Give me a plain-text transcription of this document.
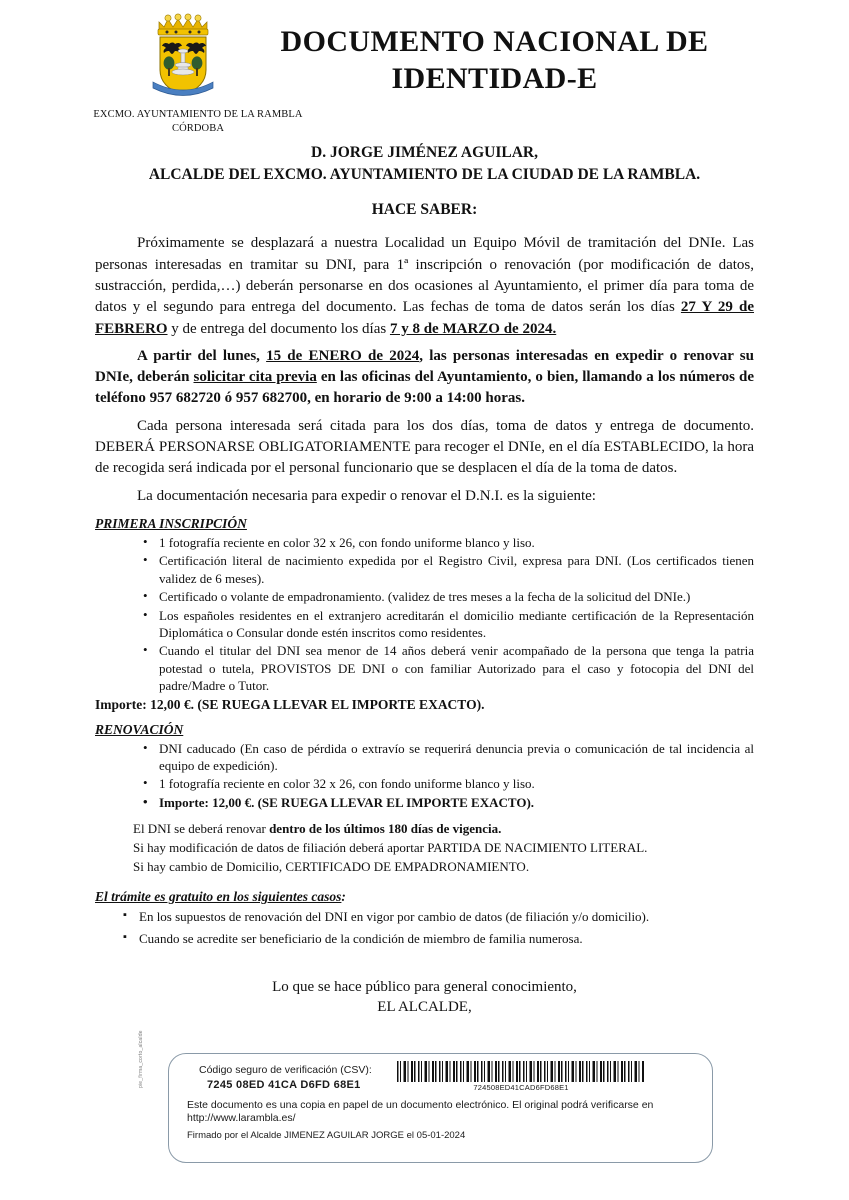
DOCUMENTO NACIONAL DE IDENTIDAD-E
EXCMO. AYUNTAMIENTO DE LA RAMBLA
CÓRDOBA
D. JORGE JIMÉNEZ AGUILAR,
ALCALDE DEL EXCMO. AYUNTAMIENTO DE LA CIUDAD DE LA RAMBLA.
HACE SABER:

Próximamente se desplazará a nuestra Localidad un Equipo Móvil de tramitación del DNIe. Las personas interesadas en tramitar su DNI, para 1ª inscripción o renovación (por modificación de datos, sustracción, perdida,…) deberán personarse en dos ocasiones al Ayuntamiento, el primer día para toma de datos y el segundo para entrega del documento. Las fechas de toma de datos serán los días 27 Y 29 de FEBRERO y de entrega del documento los días 7 y 8 de MARZO de 2024.

A partir del lunes, 15 de ENERO de 2024, las personas interesadas en expedir o renovar su DNIe, deberán solicitar cita previa en las oficinas del Ayuntamiento, o bien, llamando a los números de teléfono 957 682720 ó 957 682700, en horario de 9:00 a 14:00 horas.

Cada persona interesada será citada para los dos días, toma de datos y entrega de documento. DEBERÁ PERSONARSE OBLIGATORIAMENTE para recoger el DNIe, en el día ESTABLECIDO, la hora de recogida será indicada por el personal funcionario que se desplacen el día de la toma de datos.

La documentación necesaria para expedir o renovar el D.N.I. es la siguiente:

PRIMERA INSCRIPCIÓN
• 1 fotografía reciente en color 32 x 26, con fondo uniforme blanco y liso.
• Certificación literal de nacimiento expedida por el Registro Civil, expresa para DNI. (Los certificados tienen validez de 6 meses).
• Certificado o volante de empadronamiento. (validez de tres meses a la fecha de la solicitud del DNIe.)
• Los españoles residentes en el extranjero acreditarán el domicilio mediante certificación de la Representación Diplomática o Consular donde estén inscritos como residentes.
• Cuando el titular del DNI sea menor de 14 años deberá venir acompañado de la persona que tenga la patria potestad o tutela, PROVISTOS DE DNI o con familiar Autorizado para el caso y fotocopia del DNI del padre/Madre o Tutor.
Importe: 12,00 €. (SE RUEGA LLEVAR EL IMPORTE EXACTO).
RENOVACIÓN
• DNI caducado (En caso de pérdida o extravío se requerirá denuncia previa o comunicación de tal incidencia al equipo de expedición).
• 1 fotografía reciente en color 32 x 26, con fondo uniforme blanco y liso.
• Importe: 12,00 €. (SE RUEGA LLEVAR EL IMPORTE EXACTO).
El DNI se deberá renovar dentro de los últimos 180 días de vigencia.
Si hay modificación de datos de filiación deberá aportar PARTIDA DE NACIMIENTO LITERAL.
Si hay cambio de Domicilio, CERTIFICADO DE EMPADRONAMIENTO.
El trámite es gratuito en los siguientes casos:
▪ En los supuestos de renovación del DNI en vigor por cambio de datos (de filiación y/o domicilio).
▪ Cuando se acredite ser beneficiario de la condición de miembro de familia numerosa.
Lo que se hace público para general conocimiento,
EL ALCALDE,
pie_firma_corto_alcalde	Código seguro de verificación (CSV):
7245 08ED 41CA D6FD 68E1	724508ED41CAD6FD68E1
Este documento es una copia en papel de un documento electrónico. El original podrá verificarse en
http://www.larambla.es/
Firmado por el Alcalde JIMENEZ AGUILAR JORGE el 05-01-2024
